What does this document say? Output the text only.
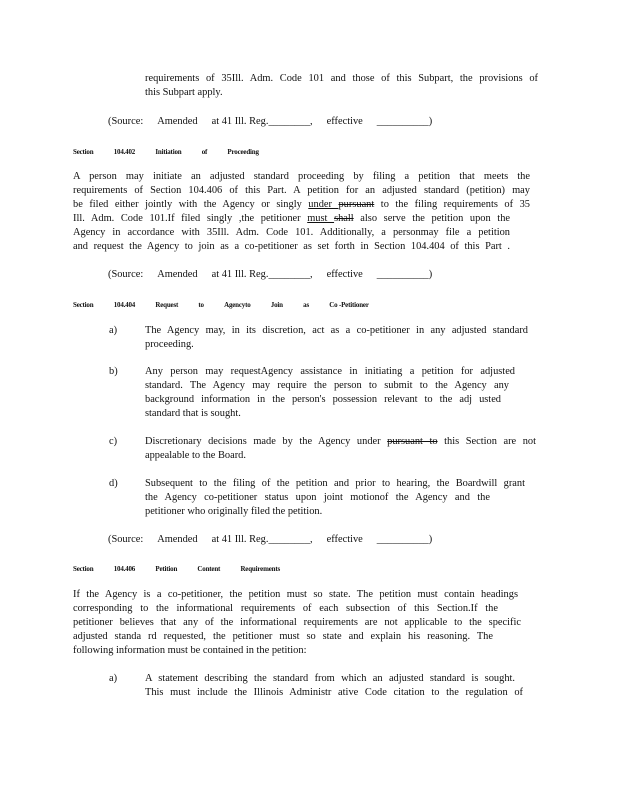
requirements of 35Ill. Adm. Code 101 and those of this Subpart, the provisions of
this Subpart apply.
(Source: Amended at 41 Ill. Reg.________, effective __________)
Section	104.402	Initiation	of	Proceeding
A person may initiate an adjusted standard proceeding by filing a petition that meets the
requirements of Section 104.406 of this Part. A petition for an adjusted standard (petition) may
be filed either jointly with the Agency or singly under pursuant to the filing requirements of 35
Ill. Adm. Code 101.If filed singly ,the petitioner must shall also serve the petition upon the
Agency in accordance with 35Ill. Adm. Code 101. Additionally, a personmay file a petition
and request the Agency to join as a co-petitioner as set forth in Section 104.404 of this Part .
(Source: Amended at 41 Ill. Reg.________, effective __________)
Section	104.404	Request	to	Agencyto	Join	as	Co -Petitioner
a)	The Agency may, in its discretion, act as a co-petitioner in any adjusted standard
proceeding.
b)	Any person may requestAgency assistance in initiating a petition for adjusted
standard. The Agency may require the person to submit to the Agency any
background information in the person's possession relevant to the adj usted
standard that is sought.
c)	Discretionary decisions made by the Agency under pursuant to this Section are not
appealable to the Board.
d)	Subsequent to the filing of the petition and prior to hearing, the Boardwill grant
the Agency co-petitioner status upon joint motionof the Agency and the
petitioner who originally filed the petition.
(Source: Amended at 41 Ill. Reg.________, effective __________)
Section	104.406	Petition	Content	Requirements
If the Agency is a co-petitioner, the petition must so state. The petition must contain headings
corresponding to the informational requirements of each subsection of this Section.If the
petitioner believes that any of the informational requirements are not applicable to the specific
adjusted standa rd requested, the petitioner must so state and explain his reasoning. The
following information must be contained in the petition:
a)	A statement describing the standard from which an adjusted standard is sought.
This must include the Illinois Administr ative Code citation to the regulation of
